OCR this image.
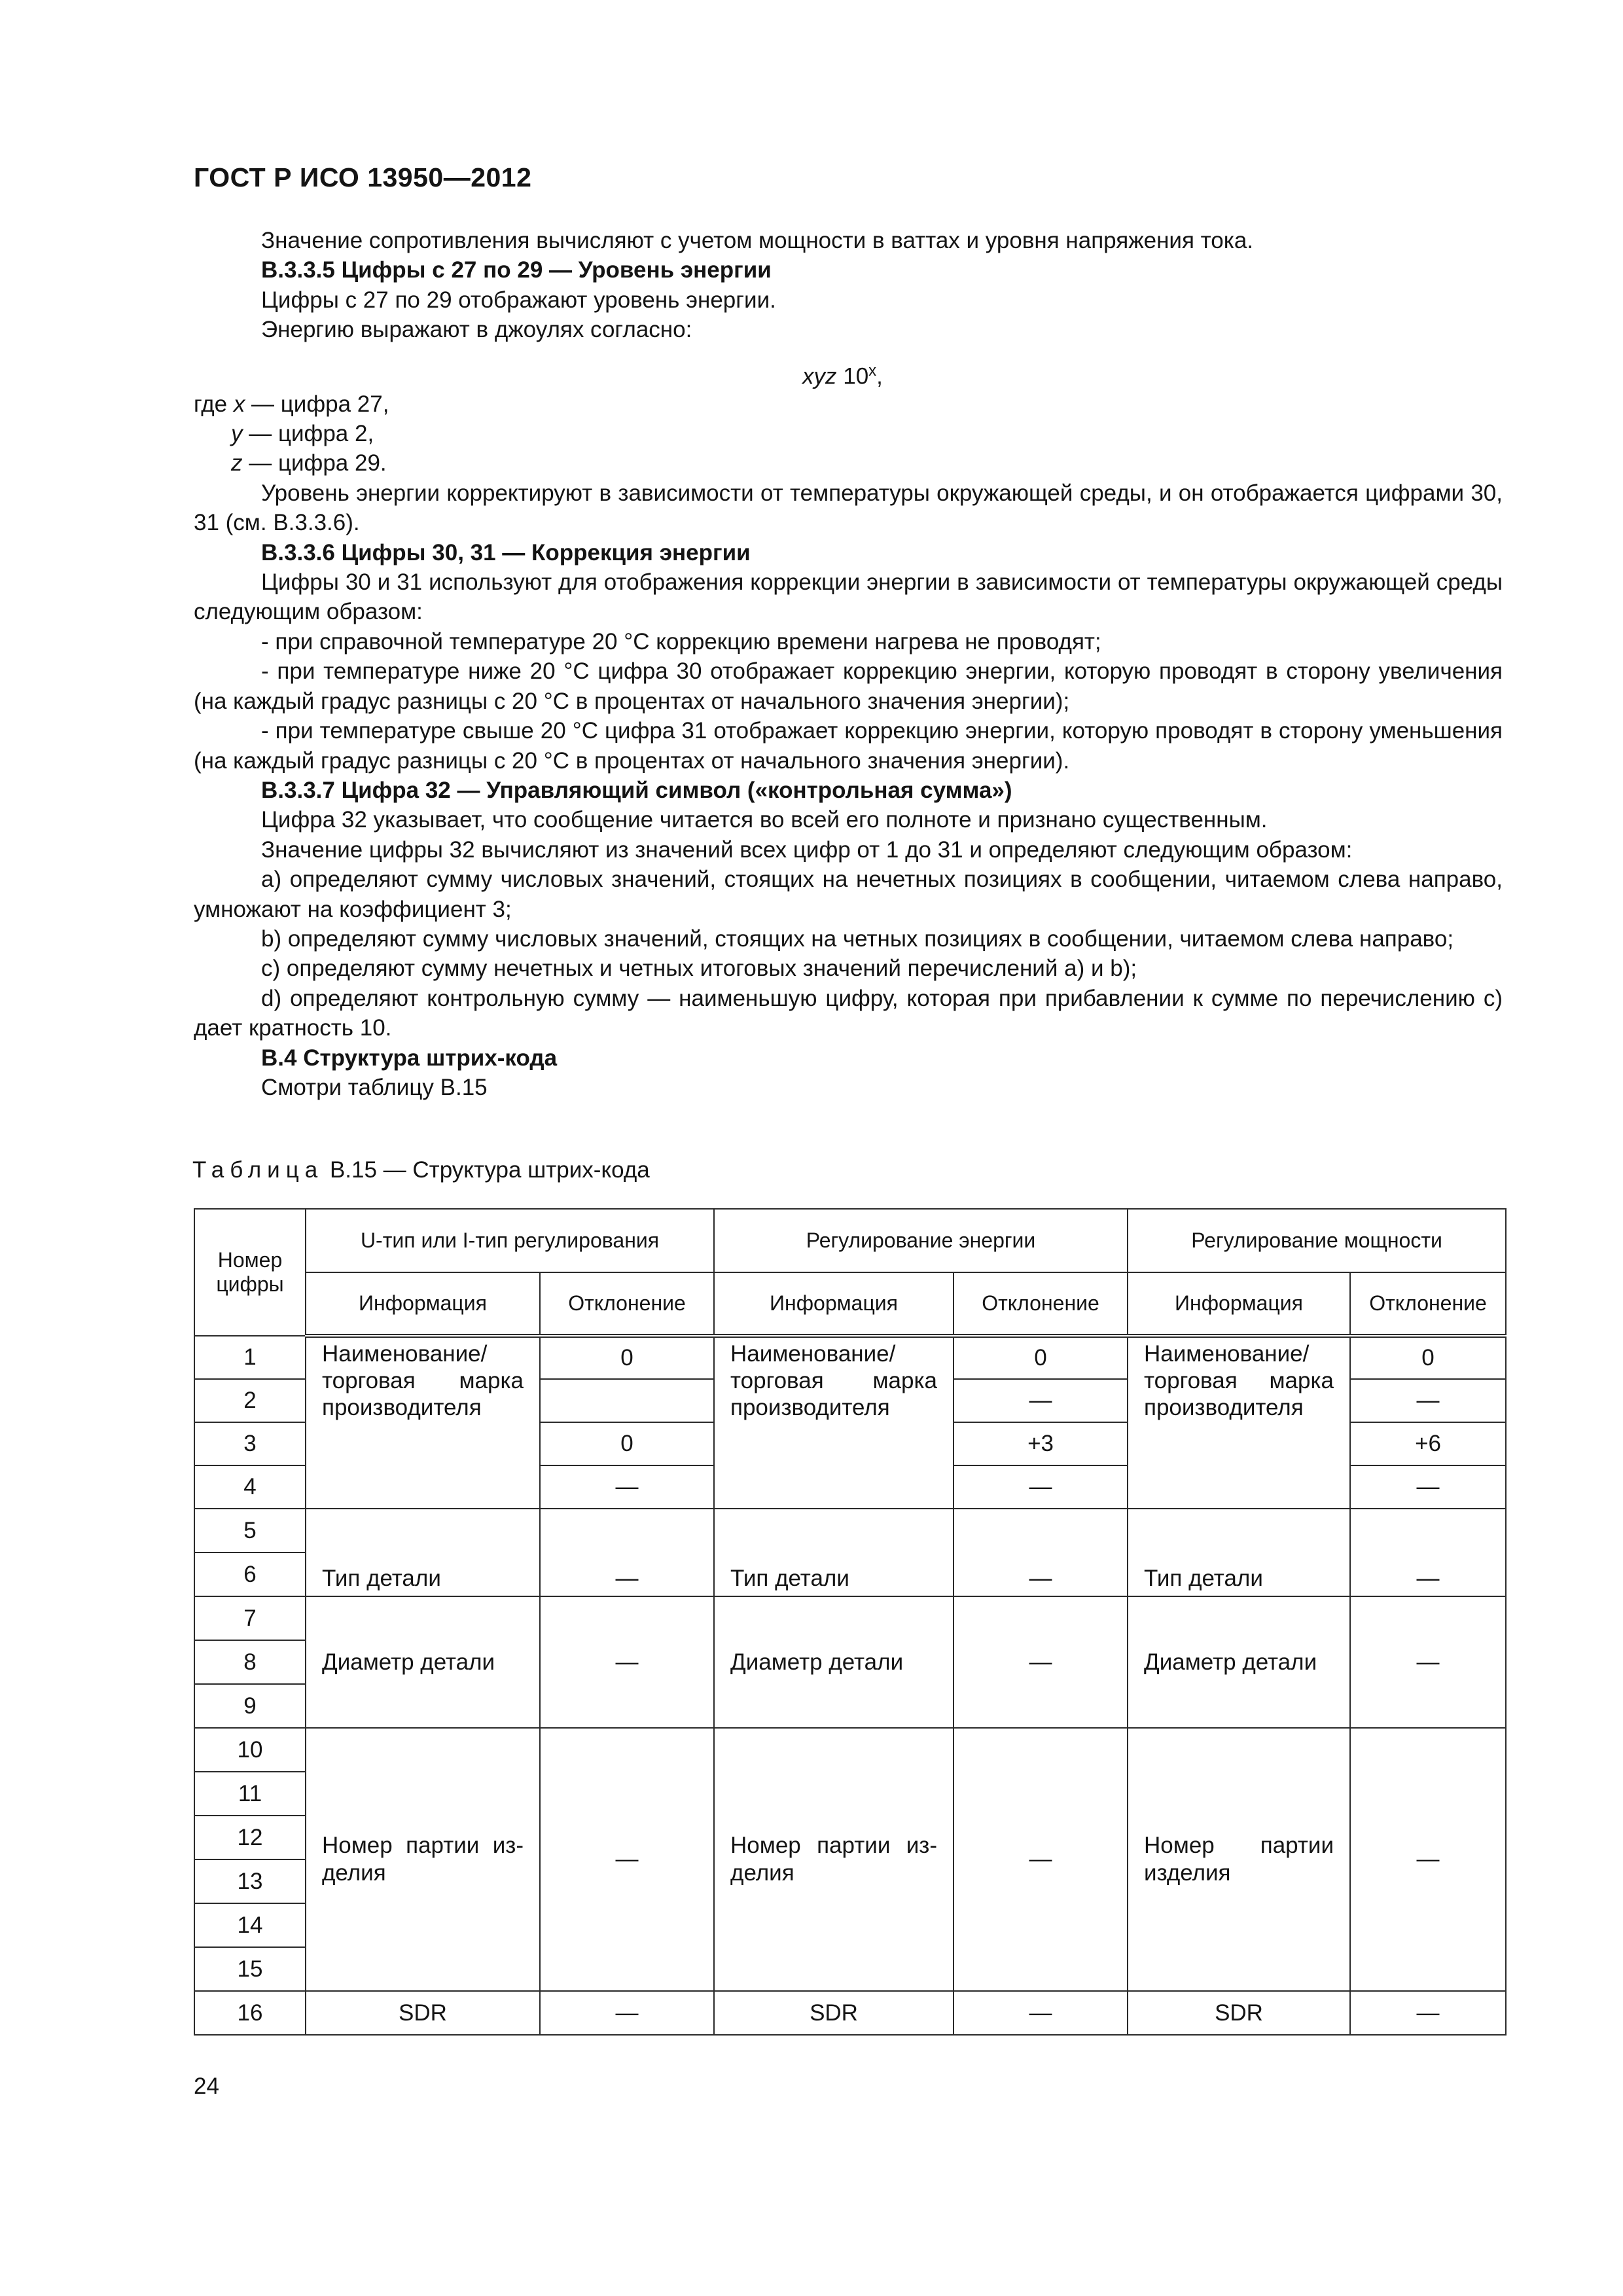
ГОСТ Р ИСО 13950—2012

Значение сопротивления вычисляют с учетом мощности в ваттах и уровня напряжения тока.

В.3.3.5 Цифры с 27 по 29 — Уровень энергии

Цифры с 27 по 29 отображают уровень энергии.

Энергию выражают в джоулях согласно:

xyz 10$^x$,

где x — цифра 27,

y — цифра 2,

z — цифра 29.

Уровень энергии корректируют в зависимости от температуры окружающей среды, и он отображается цифрами 30, 31 (см. В.3.3.6).

В.3.3.6 Цифры 30, 31 — Коррекция энергии

Цифры 30 и 31 используют для отображения коррекции энергии в зависимости от температуры окружающей среды следующим образом:

- при справочной температуре 20 °С коррекцию времени нагрева не проводят;

- при температуре ниже 20 °С цифра 30 отображает коррекцию энергии, которую проводят в сторону увеличения (на каждый градус разницы с 20 °С в процентах от начального значения энергии);

- при температуре свыше 20 °С цифра 31 отображает коррекцию энергии, которую проводят в сторону уменьшения (на каждый градус разницы с 20 °С в процентах от начального значения энергии).

В.3.3.7 Цифра 32 — Управляющий символ («контрольная сумма»)

Цифра 32 указывает, что сообщение читается во всей его полноте и признано существенным.

Значение цифры 32 вычисляют из значений всех цифр от 1 до 31 и определяют следующим образом:

a) определяют сумму числовых значений, стоящих на нечетных позициях в сообщении, читаемом слева направо, умножают на коэффициент 3;

b) определяют сумму числовых значений, стоящих на четных позициях в сообщении, читаемом слева направо;

c) определяют сумму нечетных и четных итоговых значений перечислений a) и b);

d) определяют контрольную сумму — наименьшую цифру, которая при прибавлении к сумме по перечислению c) дает кратность 10.

В.4 Структура штрих-кода

Смотри таблицу В.15

Таблица В.15 — Структура штрих-кода
Номер цифры	U-тип или I-тип регулирования		Регулирование энергии		Регулирование мощности	
	Информация	Отклонение	Информация	Отклонение	Информация	Отклонение
1	Наименование/
торговая марка
производителя	0	Наименование/
торговая марка
производителя	0	Наименование/
торговая марка
производителя	0
2				—		—
3		0		+3		+6
4		—		—		—
5	Тип детали	—	Тип детали	—	Тип детали	—
6						
7	Диаметр детали	—	Диаметр детали	—	Диаметр детали	—
8						
9						
10	Номер партии из-
делия	—	Номер партии из-
делия	—	Номер партии
изделия	—
11						
12						
13						
14						
15						
16	SDR	—	SDR	—	SDR	—
24
